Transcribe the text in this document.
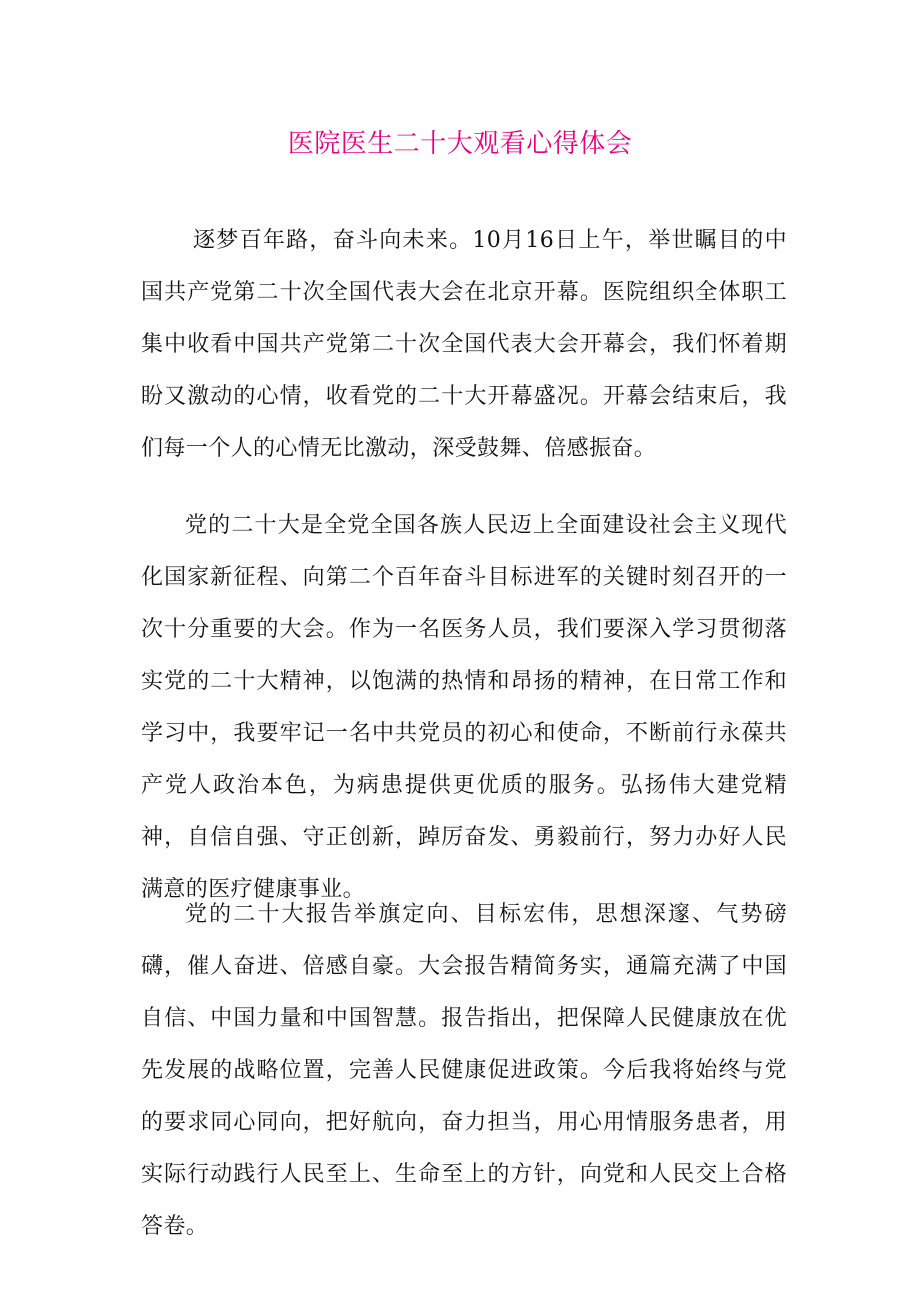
医院医生二十大观看心得体会

逐梦百年路，奋斗向未来。10月16日上午，举世瞩目的中国共产党第二十次全国代表大会在北京开幕。医院组织全体职工集中收看中国共产党第二十次全国代表大会开幕会，我们怀着期盼又激动的心情，收看党的二十大开幕盛况。开幕会结束后，我们每一个人的心情无比激动，深受鼓舞、倍感振奋。

党的二十大是全党全国各族人民迈上全面建设社会主义现代化国家新征程、向第二个百年奋斗目标进军的关键时刻召开的一次十分重要的大会。作为一名医务人员，我们要深入学习贯彻落实党的二十大精神，以饱满的热情和昂扬的精神，在日常工作和学习中，我要牢记一名中共党员的初心和使命，不断前行永葆共产党人政治本色，为病患提供更优质的服务。弘扬伟大建党精神，自信自强、守正创新，踔厉奋发、勇毅前行，努力办好人民满意的医疗健康事业。

党的二十大报告举旗定向、目标宏伟，思想深邃、气势磅礴，催人奋进、倍感自豪。大会报告精简务实，通篇充满了中国自信、中国力量和中国智慧。报告指出，把保障人民健康放在优先发展的战略位置，完善人民健康促进政策。今后我将始终与党的要求同心同向，把好航向，奋力担当，用心用情服务患者，用实际行动践行人民至上、生命至上的方针，向党和人民交上合格答卷。
